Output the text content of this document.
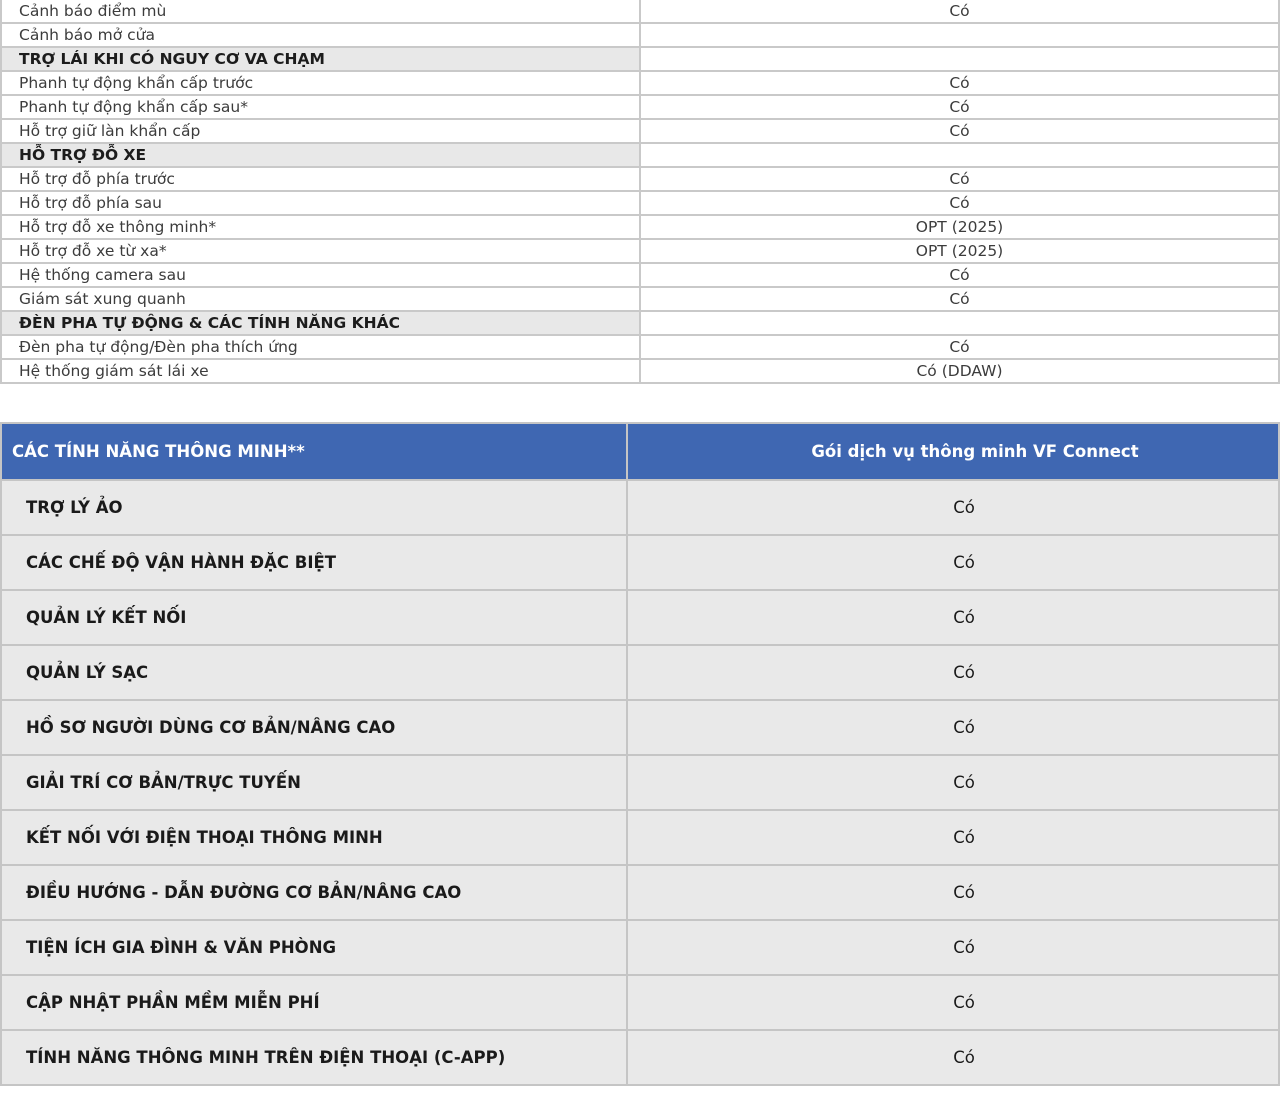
Cảnh báo điểm mù	Có
Cảnh báo mở cửa	
TRỢ LÁI KHI CÓ NGUY CƠ VA CHẠM	
Phanh tự động khẩn cấp trước	Có
Phanh tự động khẩn cấp sau*	Có
Hỗ trợ giữ làn khẩn cấp	Có
HỖ TRỢ ĐỖ XE	
Hỗ trợ đỗ phía trước	Có
Hỗ trợ đỗ phía sau	Có
Hỗ trợ đỗ xe thông minh*	OPT (2025)
Hỗ trợ đỗ xe từ xa*	OPT (2025)
Hệ thống camera sau	Có
Giám sát xung quanh	Có
ĐÈN PHA TỰ ĐỘNG & CÁC TÍNH NĂNG KHÁC	
Đèn pha tự động/Đèn pha thích ứng	Có
Hệ thống giám sát lái xe	Có (DDAW)
CÁC TÍNH NĂNG THÔNG MINH**	Gói dịch vụ thông minh VF Connect
TRỢ LÝ ẢO	Có
CÁC CHẾ ĐỘ VẬN HÀNH ĐẶC BIỆT	Có
QUẢN LÝ KẾT NỐI	Có
QUẢN LÝ SẠC	Có
HỒ SƠ NGƯỜI DÙNG CƠ BẢN/NÂNG CAO	Có
GIẢI TRÍ CƠ BẢN/TRỰC TUYẾN	Có
KẾT NỐI VỚI ĐIỆN THOẠI THÔNG MINH	Có
ĐIỀU HƯỚNG - DẪN ĐƯỜNG CƠ BẢN/NÂNG CAO	Có
TIỆN ÍCH GIA ĐÌNH & VĂN PHÒNG	Có
CẬP NHẬT PHẦN MỀM MIỄN PHÍ	Có
TÍNH NĂNG THÔNG MINH TRÊN ĐIỆN THOẠI (C-APP)	Có
